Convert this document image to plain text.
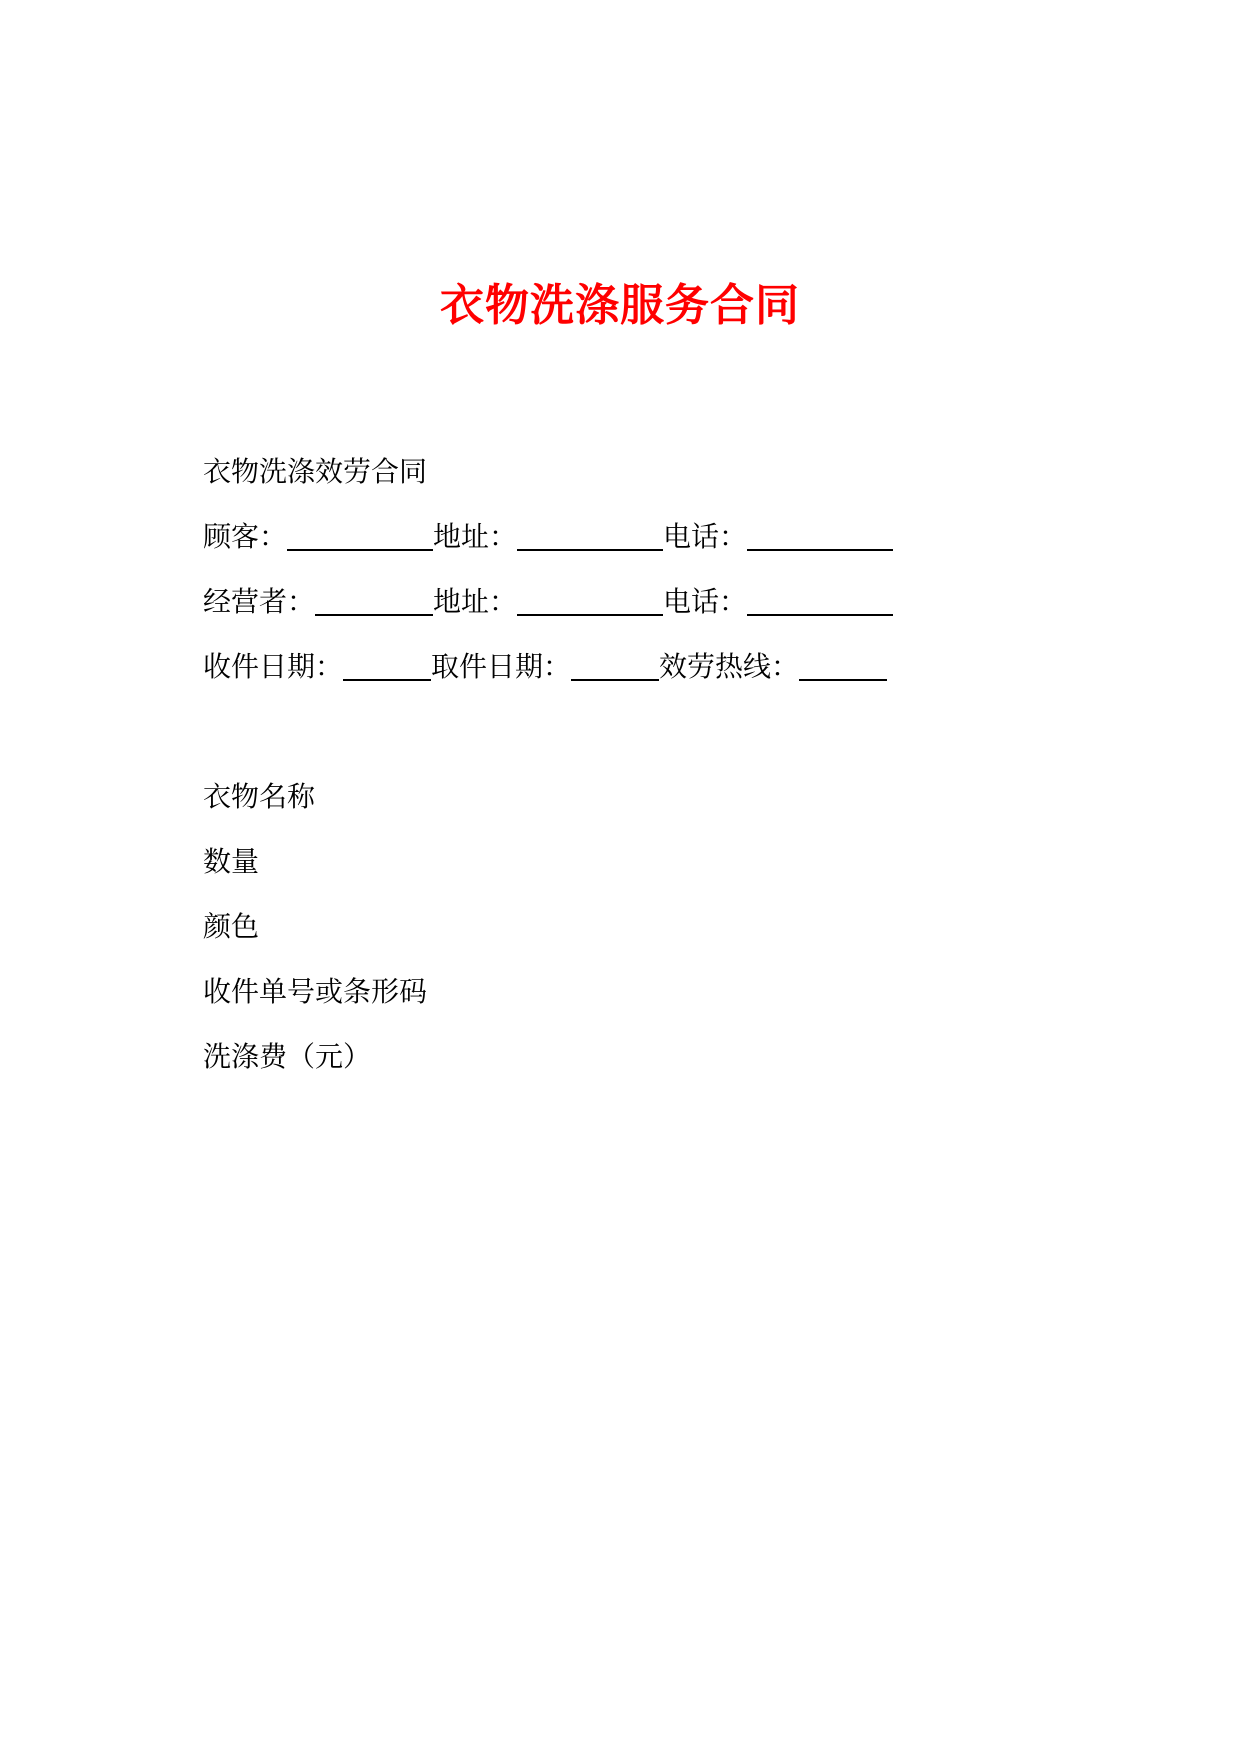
衣物洗涤服务合同
衣物洗涤效劳合同
顾客：	地址：	电话：
经营者：	地址：	电话：
收件日期：	取件日期：	效劳热线：
衣物名称
数量
颜色
收件单号或条形码
洗涤费（元）
